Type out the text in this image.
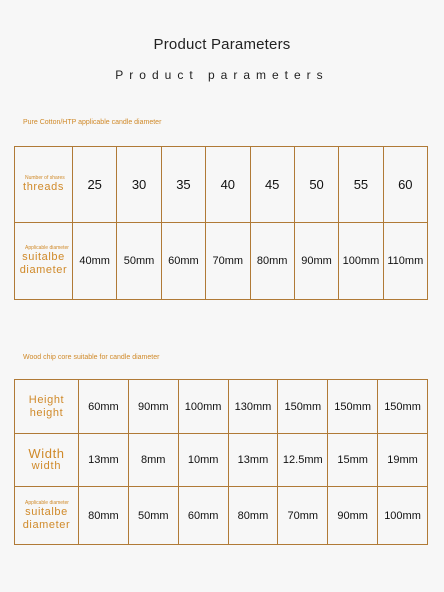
Product Parameters
Product parameters
Pure Cotton/HTP applicable candle diameter
Number of shares
threads	25	30	35	40	45	50	55	60

Applicable diameter
suitalbe
diameter	40mm	50mm	60mm	70mm	80mm	90mm	100mm	110mm
Wood chip core suitable for candle diameter
Height
height	60mm	90mm	100mm	130mm	150mm	150mm	150mm

Width
width	13mm	8mm	10mm	13mm	12.5mm	15mm	19mm

Applicable diameter
suitalbe
diameter	80mm	50mm	60mm	80mm	70mm	90mm	100mm
